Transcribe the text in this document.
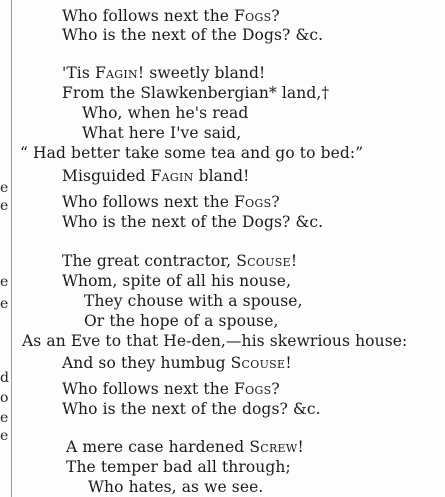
e
e
e
e
d
o
e
e
Who follows next the Fogs?
Who is the next of the Dogs? &c.
'Tis Fagin! sweetly bland!
From the Slawkenbergian* land,†
Who, when he's read
What here I've said,
“ Had better take some tea and go to bed:”
Misguided Fagin bland!
Who follows next the Fogs?
Who is the next of the Dogs? &c.
The great contractor, Scouse!
Whom, spite of all his nouse,
They chouse with a spouse,
Or the hope of a spouse,
As an Eve to that He-den,—his skewrious house:
And so they humbug Scouse!
Who follows next the Fogs?
Who is the next of the dogs? &c.
A mere case hardened Screw!
The temper bad all through;
Who hates, as we see.
